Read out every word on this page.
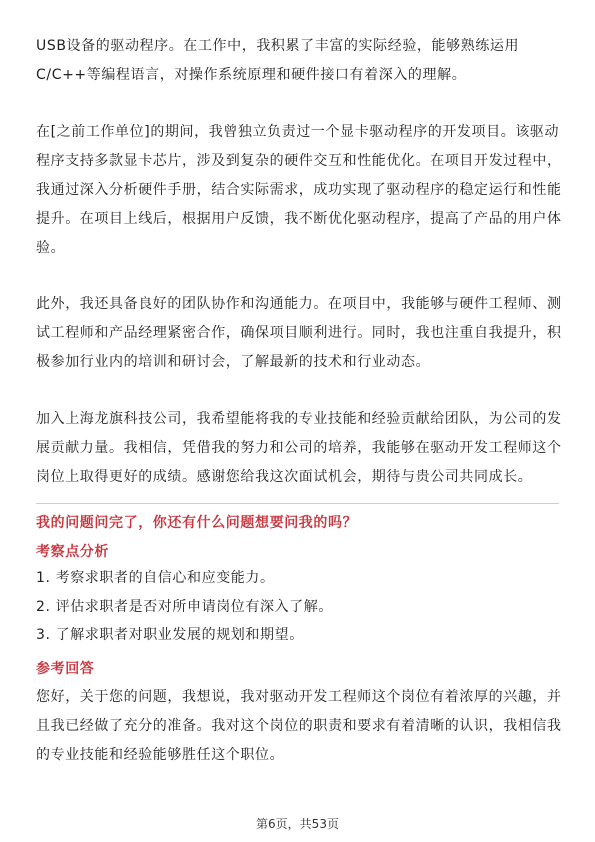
USB设备的驱动程序。在工作中，我积累了丰富的实际经验，能够熟练运用
C/C++等编程语言，对操作系统原理和硬件接口有着深入的理解。

在[之前工作单位]的期间，我曾独立负责过一个显卡驱动程序的开发项目。该驱动
程序支持多款显卡芯片，涉及到复杂的硬件交互和性能优化。在项目开发过程中，
我通过深入分析硬件手册，结合实际需求，成功实现了驱动程序的稳定运行和性能
提升。在项目上线后，根据用户反馈，我不断优化驱动程序，提高了产品的用户体
验。

此外，我还具备良好的团队协作和沟通能力。在项目中，我能够与硬件工程师、测
试工程师和产品经理紧密合作，确保项目顺利进行。同时，我也注重自我提升，积
极参加行业内的培训和研讨会，了解最新的技术和行业动态。

加入上海龙旗科技公司，我希望能将我的专业技能和经验贡献给团队，为公司的发
展贡献力量。我相信，凭借我的努力和公司的培养，我能够在驱动开发工程师这个
岗位上取得更好的成绩。感谢您给我这次面试机会，期待与贵公司共同成长。

我的问题问完了，你还有什么问题想要问我的吗？
考察点分析
1. 考察求职者的自信心和应变能力。
2. 评估求职者是否对所申请岗位有深入了解。
3. 了解求职者对职业发展的规划和期望。
参考回答

您好，关于您的问题，我想说，我对驱动开发工程师这个岗位有着浓厚的兴趣，并
且我已经做了充分的准备。我对这个岗位的职责和要求有着清晰的认识，我相信我
的专业技能和经验能够胜任这个职位。

第6页，共53页
